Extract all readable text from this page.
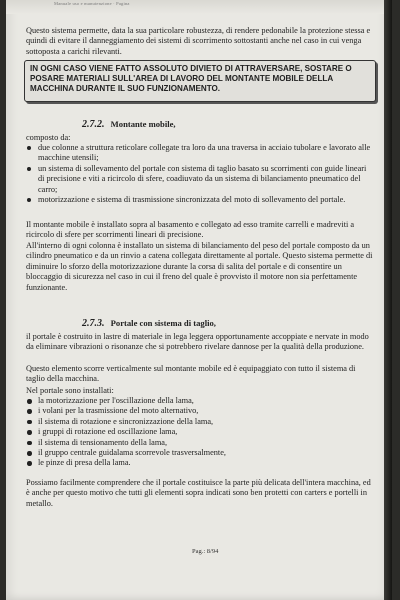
Manuale uso e manutenzione · Pagina
Questo sistema permette, data la sua particolare robustezza, di rendere pedonabile la protezione stessa e quindi di evitare il danneggiamento dei sistemi di scorrimento sottostanti anche nel caso in cui venga sottoposta a carichi rilevanti.
IN OGNI CASO VIENE FATTO ASSOLUTO DIVIETO DI ATTRAVERSARE, SOSTARE O POSARE MATERIALI SULL'AREA DI LAVORO DEL MONTANTE MOBILE DELLA MACCHINA DURANTE IL SUO FUNZIONAMENTO.
2.7.2. Montante mobile,
composto da:
due colonne a struttura reticolare collegate tra loro da una traversa in acciaio tubolare e lavorato alle macchine utensili;
un sistema di sollevamento del portale con sistema di taglio basato su scorrimenti con guide lineari di precisione e viti a ricircolo di sfere, coadiuvato da un sistema di bilanciamento pneumatico del carro;
motorizzazione e sistema di trasmissione sincronizzata del moto di sollevamento del portale.
Il montante mobile è installato sopra al basamento e collegato ad esso tramite carrelli e madreviti a ricircolo di sfere per scorrimenti lineari di precisione.
All'interno di ogni colonna è installato un sistema di bilanciamento del peso del portale composto da un cilindro pneumatico e da un rinvio a catena collegata direttamente al portale. Questo sistema permette di diminuire lo sforzo della motorizzazione durante la corsa di salita del portale e di consentire un bloccaggio di sicurezza nel caso in cui il freno del quale è provvisto il motore non sia perfettamente funzionante.
2.7.3. Portale con sistema di taglio,
il portale è costruito in lastre di materiale in lega leggera opportunamente accoppiate e nervate in modo da eliminare vibrazioni o risonanze che si potrebbero rivelare dannose per la qualità della produzione.
Questo elemento scorre verticalmente sul montante mobile ed è equipaggiato con tutto il sistema di taglio della macchina.
Nel portale sono installati:
la motorizzazione per l'oscillazione della lama,
i volani per la trasmissione del moto alternativo,
il sistema di rotazione e sincronizzazione della lama,
i gruppi di rotazione ed oscillazione lama,
il sistema di tensionamento della lama,
il gruppo centrale guidalama scorrevole trasversalmente,
le pinze di presa della lama.
Possiamo facilmente comprendere che il portale costituisce la parte più delicata dell'intera macchina, ed è anche per questo motivo che tutti gli elementi sopra indicati sono ben protetti con carters e portelli in metallo.
Pag.: 8/94
